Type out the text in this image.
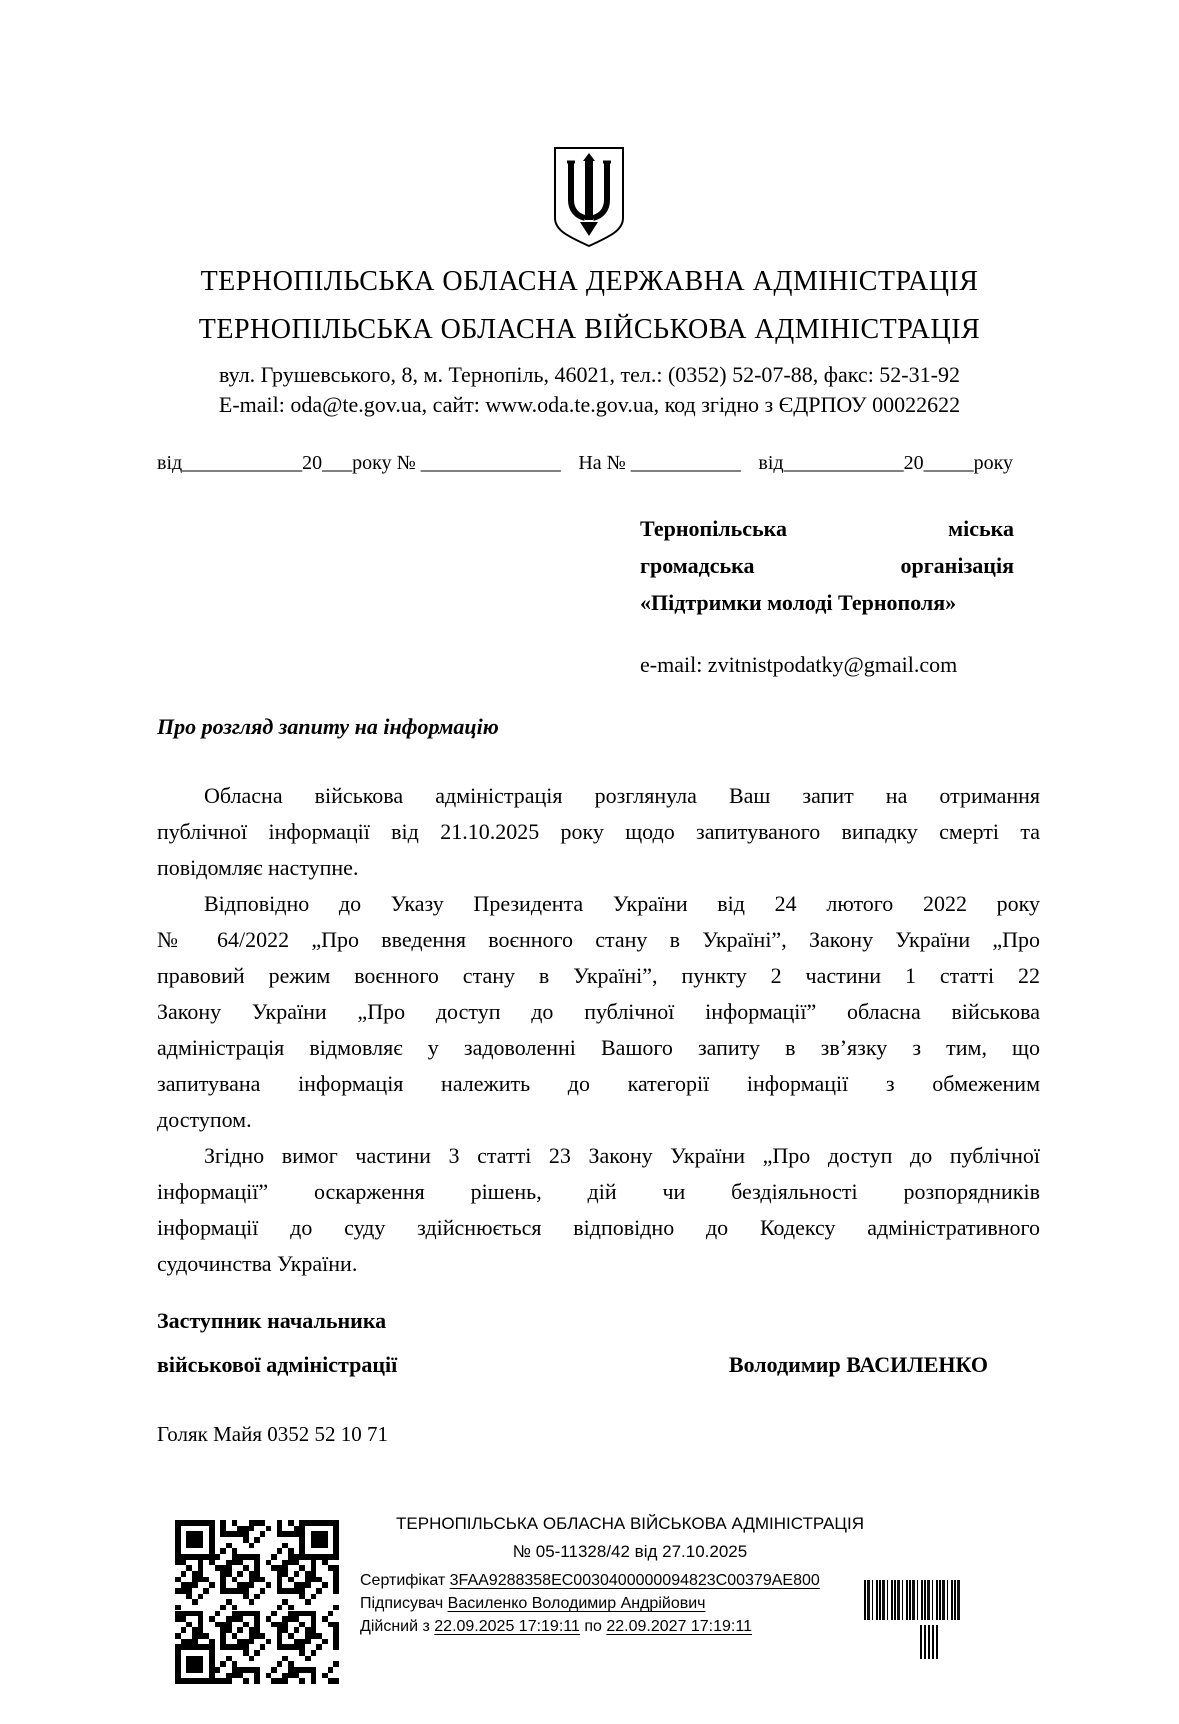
ТЕРНОПІЛЬСЬКА ОБЛАСНА ДЕРЖАВНА АДМІНІСТРАЦІЯ
ТЕРНОПІЛЬСЬКА ОБЛАСНА ВІЙСЬКОВА АДМІНІСТРАЦІЯ
вул. Грушевського, 8, м. Тернопіль, 46021, тел.: (0352) 52-07-88, факс: 52-31-92
E-mail: oda@te.gov.ua, сайт: www.oda.te.gov.ua, код згідно з ЄДРПОУ 00022622
від____________20___року № ______________ На № ___________ від____________20_____року
Тернопільська	міська
громадська	організація
«Підтримки молоді Тернополя»
e-mail: zvitnistpodatky@gmail.com
Про розгляд запиту на інформацію
Обласна військова адміністрація розглянула Ваш запит на отримання
публічної інформації від 21.10.2025 року щодо запитуваного випадку смерті та
повідомляє наступне.
Відповідно до Указу Президента України від 24 лютого 2022 року
№ 64/2022 „Про введення воєнного стану в Україні”, Закону України „Про
правовий режим воєнного стану в Україні”, пункту 2 частини 1 статті 22
Закону України „Про доступ до публічної інформації” обласна військова
адміністрація відмовляє у задоволенні Вашого запиту в зв’язку з тим, що
запитувана інформація належить до категорії інформації з обмеженим
доступом.
Згідно вимог частини 3 статті 23 Закону України „Про доступ до публічної
інформації” оскарження рішень, дій чи бездіяльності розпорядників
інформації до суду здійснюється відповідно до Кодексу адміністративного
судочинства України.
Заступник начальника
військової адміністрації	Володимир ВАСИЛЕНКО
Голяк Майя 0352 52 10 71
ТЕРНОПІЛЬСЬКА ОБЛАСНА ВІЙСЬКОВА АДМІНІСТРАЦІЯ
№ 05-11328/42 від 27.10.2025
Сертифікат 3FAA9288358EC0030400000094823C00379AE800
Підписувач Василенко Володимир Андрійович
Дійсний з 22.09.2025 17:19:11 по 22.09.2027 17:19:11
